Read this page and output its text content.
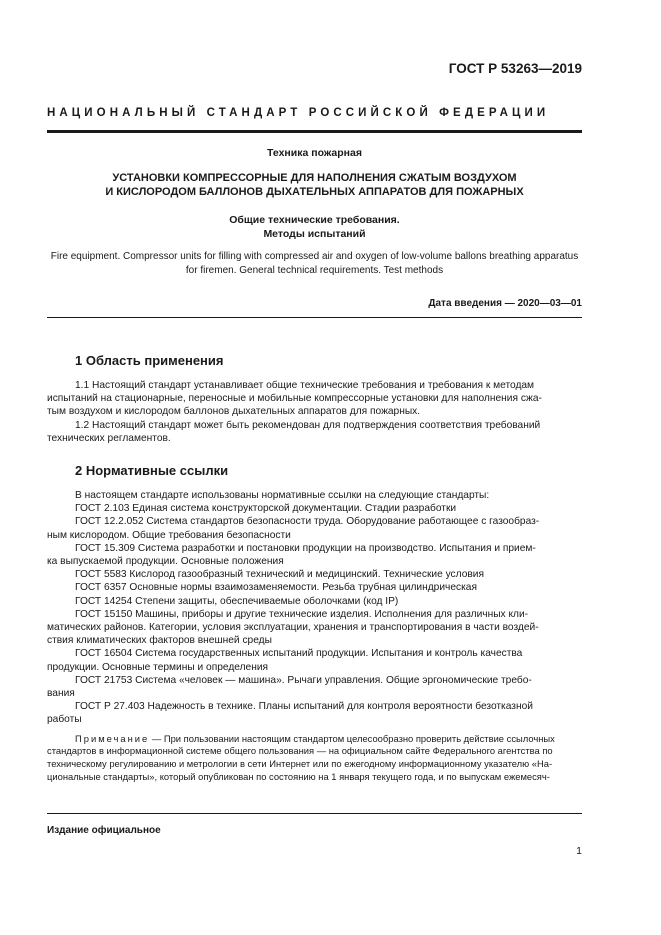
ГОСТ Р 53263—2019
НАЦИОНАЛЬНЫЙ СТАНДАРТ РОССИЙСКОЙ ФЕДЕРАЦИИ
Техника пожарная
УСТАНОВКИ КОМПРЕССОРНЫЕ ДЛЯ НАПОЛНЕНИЯ СЖАТЫМ ВОЗДУХОМ
И КИСЛОРОДОМ БАЛЛОНОВ ДЫХАТЕЛЬНЫХ АППАРАТОВ ДЛЯ ПОЖАРНЫХ
Общие технические требования.
Методы испытаний
Fire equipment. Compressor units for filling with compressed air and oxygen of low-volume ballons breathing apparatus
for firemen. General technical requirements. Test methods
Дата введения — 2020—03—01
1 Область применения
1.1 Настоящий стандарт устанавливает общие технические требования и требования к методам
испытаний на стационарные, переносные и мобильные компрессорные установки для наполнения сжа-
тым воздухом и кислородом баллонов дыхательных аппаратов для пожарных.
1.2 Настоящий стандарт может быть рекомендован для подтверждения соответствия требований
технических регламентов.
2 Нормативные ссылки
В настоящем стандарте использованы нормативные ссылки на следующие стандарты:
ГОСТ 2.103 Единая система конструкторской документации. Стадии разработки
ГОСТ 12.2.052 Система стандартов безопасности труда. Оборудование работающее с газообраз-
ным кислородом. Общие требования безопасности
ГОСТ 15.309 Система разработки и постановки продукции на производство. Испытания и прием-
ка выпускаемой продукции. Основные положения
ГОСТ 5583 Кислород газообразный технический и медицинский. Технические условия
ГОСТ 6357 Основные нормы взаимозаменяемости. Резьба трубная цилиндрическая
ГОСТ 14254 Степени защиты, обеспечиваемые оболочками (код IP)
ГОСТ 15150 Машины, приборы и другие технические изделия. Исполнения для различных кли-
матических районов. Категории, условия эксплуатации, хранения и транспортирования в части воздей-
ствия климатических факторов внешней среды
ГОСТ 16504 Система государственных испытаний продукции. Испытания и контроль качества
продукции. Основные термины и определения
ГОСТ 21753 Система «человек — машина». Рычаги управления. Общие эргономические требо-
вания
ГОСТ Р 27.403 Надежность в технике. Планы испытаний для контроля вероятности безотказной
работы
Примечание — При пользовании настоящим стандартом целесообразно проверить действие ссылочных
стандартов в информационной системе общего пользования — на официальном сайте Федерального агентства по
техническому регулированию и метрологии в сети Интернет или по ежегодному информационному указателю «На-
циональные стандарты», который опубликован по состоянию на 1 января текущего года, и по выпускам ежемесяч-
Издание официальное
1
